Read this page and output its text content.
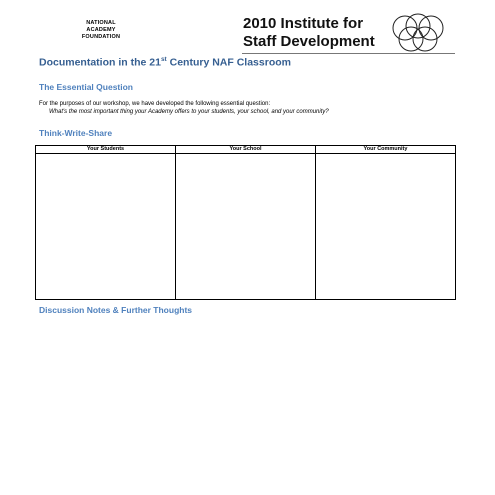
NATIONAL
ACADEMY
FOUNDATION
2010 Institute for
Staff Development
Documentation in the 21st Century NAF Classroom
The Essential Question
For the purposes of our workshop, we have developed the following essential question:
What's the most important thing your Academy offers to your students, your school, and your community?
Think-Write-Share
Your Students	Your School	Your Community

Discussion Notes & Further Thoughts
